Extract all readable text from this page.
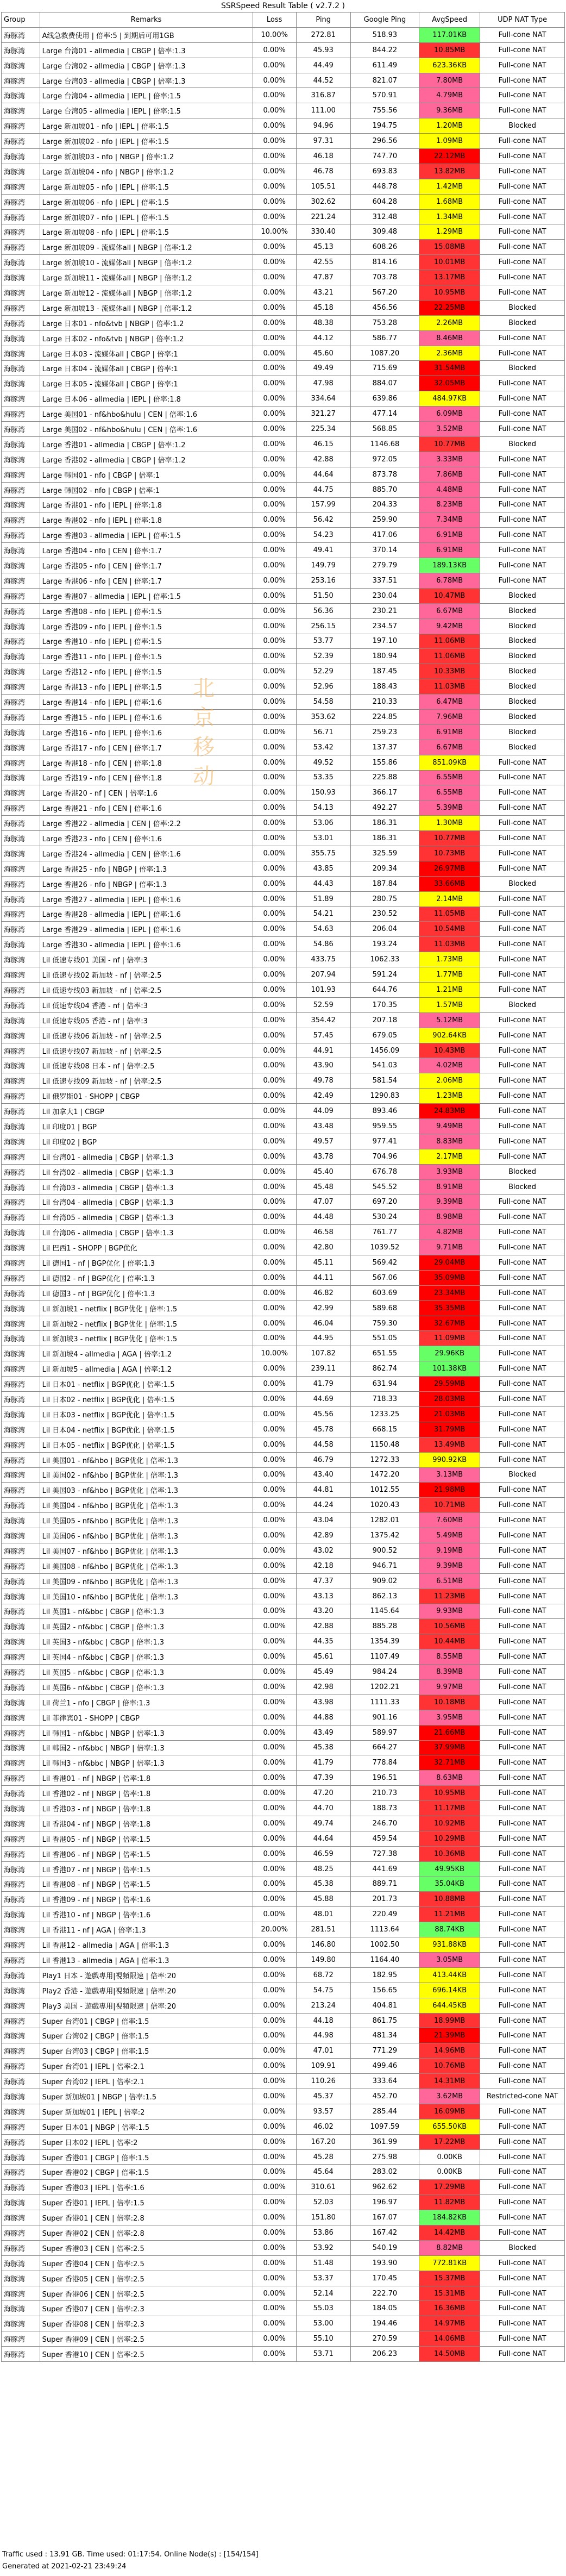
SSRSpeed Result Table ( v2.7.2 )
Group	Remarks	Loss	Ping	Google Ping	AvgSpeed	UDP NAT Type
海豚湾	A线急救费使用 | 倍率:5 | 到期后可用1GB	10.00%	272.81	518.93	117.01KB	Full-cone NAT
海豚湾	Large 台湾01 - allmedia | CBGP | 倍率:1.3	0.00%	45.93	844.22	10.85MB	Full-cone NAT
海豚湾	Large 台湾02 - allmedia | CBGP | 倍率:1.3	0.00%	44.49	611.49	623.36KB	Full-cone NAT
海豚湾	Large 台湾03 - allmedia | CBGP | 倍率:1.3	0.00%	44.52	821.07	7.80MB	Full-cone NAT
海豚湾	Large 台湾04 - allmedia | IEPL | 倍率:1.5	0.00%	316.87	570.91	4.79MB	Full-cone NAT
海豚湾	Large 台湾05 - allmedia | IEPL | 倍率:1.5	0.00%	111.00	755.56	9.36MB	Full-cone NAT
海豚湾	Large 新加坡01 - nfo | IEPL | 倍率:1.5	0.00%	94.96	194.75	1.20MB	Blocked
海豚湾	Large 新加坡02 - nfo | IEPL | 倍率:1.5	0.00%	97.31	296.56	1.09MB	Full-cone NAT
海豚湾	Large 新加坡03 - nfo | NBGP | 倍率:1.2	0.00%	46.18	747.70	22.12MB	Full-cone NAT
海豚湾	Large 新加坡04 - nfo | NBGP | 倍率:1.2	0.00%	46.78	693.83	13.82MB	Full-cone NAT
海豚湾	Large 新加坡05 - nfo | IEPL | 倍率:1.5	0.00%	105.51	448.78	1.42MB	Full-cone NAT
海豚湾	Large 新加坡06 - nfo | IEPL | 倍率:1.5	0.00%	302.62	604.28	1.68MB	Full-cone NAT
海豚湾	Large 新加坡07 - nfo | IEPL | 倍率:1.5	0.00%	221.24	312.48	1.34MB	Full-cone NAT
海豚湾	Large 新加坡08 - nfo | IEPL | 倍率:1.5	10.00%	330.40	309.48	1.29MB	Full-cone NAT
海豚湾	Large 新加坡09 - 流媒体all | NBGP | 倍率:1.2	0.00%	45.13	608.26	15.08MB	Full-cone NAT
海豚湾	Large 新加坡10 - 流媒体all | NBGP | 倍率:1.2	0.00%	42.55	814.16	10.01MB	Full-cone NAT
海豚湾	Large 新加坡11 - 流媒体all | NBGP | 倍率:1.2	0.00%	47.87	703.78	13.17MB	Full-cone NAT
海豚湾	Large 新加坡12 - 流媒体all | NBGP | 倍率:1.2	0.00%	43.21	567.20	10.95MB	Full-cone NAT
海豚湾	Large 新加坡13 - 流媒体all | NBGP | 倍率:1.2	0.00%	45.18	456.56	22.25MB	Blocked
海豚湾	Large 日本01 - nfo&tvb | NBGP | 倍率:1.2	0.00%	48.38	753.28	2.26MB	Blocked
海豚湾	Large 日本02 - nfo&tvb | NBGP | 倍率:1.2	0.00%	44.12	586.77	8.46MB	Full-cone NAT
海豚湾	Large 日本03 - 流媒体all | CBGP | 倍率:1	0.00%	45.60	1087.20	2.36MB	Full-cone NAT
海豚湾	Large 日本04 - 流媒体all | CBGP | 倍率:1	0.00%	49.49	715.69	31.54MB	Blocked
海豚湾	Large 日本05 - 流媒体all | CBGP | 倍率:1	0.00%	47.98	884.07	32.05MB	Full-cone NAT
海豚湾	Large 日本06 - allmedia | IEPL | 倍率:1.8	0.00%	334.64	639.86	484.97KB	Full-cone NAT
海豚湾	Large 美国01 - nf&hbo&hulu | CEN | 倍率:1.6	0.00%	321.27	477.14	6.09MB	Full-cone NAT
海豚湾	Large 美国02 - nf&hbo&hulu | CEN | 倍率:1.6	0.00%	225.34	568.85	3.52MB	Full-cone NAT
海豚湾	Large 香港01 - allmedia | CBGP | 倍率:1.2	0.00%	46.15	1146.68	10.77MB	Blocked
海豚湾	Large 香港02 - allmedia | CBGP | 倍率:1.2	0.00%	42.88	972.05	3.33MB	Full-cone NAT
海豚湾	Large 韩国01 - nfo | CBGP | 倍率:1	0.00%	44.64	873.78	7.86MB	Full-cone NAT
海豚湾	Large 韩国02 - nfo | CBGP | 倍率:1	0.00%	44.75	885.70	4.48MB	Full-cone NAT
海豚湾	Large 香港01 - nfo | IEPL | 倍率:1.8	0.00%	157.99	204.33	8.23MB	Full-cone NAT
海豚湾	Large 香港02 - nfo | IEPL | 倍率:1.8	0.00%	56.42	259.90	7.34MB	Full-cone NAT
海豚湾	Large 香港03 - allmedia | IEPL | 倍率:1.5	0.00%	54.23	417.06	6.91MB	Full-cone NAT
海豚湾	Large 香港04 - nfo | CEN | 倍率:1.7	0.00%	49.41	370.14	6.91MB	Full-cone NAT
海豚湾	Large 香港05 - nfo | CEN | 倍率:1.7	0.00%	149.79	279.79	189.13KB	Full-cone NAT
海豚湾	Large 香港06 - nfo | CEN | 倍率:1.7	0.00%	253.16	337.51	6.78MB	Full-cone NAT
海豚湾	Large 香港07 - allmedia | IEPL | 倍率:1.5	0.00%	51.50	230.04	10.47MB	Blocked
海豚湾	Large 香港08 - nfo | IEPL | 倍率:1.5	0.00%	56.36	230.21	6.67MB	Blocked
海豚湾	Large 香港09 - nfo | IEPL | 倍率:1.5	0.00%	256.15	234.57	9.42MB	Blocked
海豚湾	Large 香港10 - nfo | IEPL | 倍率:1.5	0.00%	53.77	197.10	11.06MB	Blocked
海豚湾	Large 香港11 - nfo | IEPL | 倍率:1.5	0.00%	52.39	180.94	11.06MB	Blocked
海豚湾	Large 香港12 - nfo | IEPL | 倍率:1.5	0.00%	52.29	187.45	10.33MB	Blocked
海豚湾	Large 香港13 - nfo | IEPL | 倍率:1.5	0.00%	52.96	188.43	11.03MB	Blocked
海豚湾	Large 香港14 - nfo | IEPL | 倍率:1.6	0.00%	54.58	210.33	6.47MB	Blocked
海豚湾	Large 香港15 - nfo | IEPL | 倍率:1.6	0.00%	353.62	224.85	7.96MB	Blocked
海豚湾	Large 香港16 - nfo | IEPL | 倍率:1.6	0.00%	56.71	259.23	6.91MB	Blocked
海豚湾	Large 香港17 - nfo | CEN | 倍率:1.7	0.00%	53.42	137.37	6.67MB	Blocked
海豚湾	Large 香港18 - nfo | CEN | 倍率:1.8	0.00%	49.52	155.86	851.09KB	Full-cone NAT
海豚湾	Large 香港19 - nfo | CEN | 倍率:1.8	0.00%	53.35	225.88	6.55MB	Full-cone NAT
海豚湾	Large 香港20 - nf | CEN | 倍率:1.6	0.00%	150.93	366.17	6.55MB	Full-cone NAT
海豚湾	Large 香港21 - nfo | CEN | 倍率:1.6	0.00%	54.13	492.27	5.39MB	Full-cone NAT
海豚湾	Large 香港22 - allmedia | CEN | 倍率:2.2	0.00%	53.06	186.31	1.30MB	Full-cone NAT
海豚湾	Large 香港23 - nfo | CEN | 倍率:1.6	0.00%	53.01	186.31	10.77MB	Full-cone NAT
海豚湾	Large 香港24 - allmedia | CEN | 倍率:1.6	0.00%	355.75	325.59	10.73MB	Full-cone NAT
海豚湾	Large 香港25 - nfo | NBGP | 倍率:1.3	0.00%	43.85	209.34	26.97MB	Full-cone NAT
海豚湾	Large 香港26 - nfo | NBGP | 倍率:1.3	0.00%	44.43	187.84	33.66MB	Blocked
海豚湾	Large 香港27 - allmedia | IEPL | 倍率:1.6	0.00%	51.89	280.75	2.14MB	Full-cone NAT
海豚湾	Large 香港28 - allmedia | IEPL | 倍率:1.6	0.00%	54.21	230.52	11.05MB	Full-cone NAT
海豚湾	Large 香港29 - allmedia | IEPL | 倍率:1.6	0.00%	54.63	206.04	10.54MB	Full-cone NAT
海豚湾	Large 香港30 - allmedia | IEPL | 倍率:1.6	0.00%	54.86	193.24	11.03MB	Full-cone NAT
海豚湾	Lil 低速专线01 美国 - nf | 倍率:3	0.00%	433.75	1062.33	1.73MB	Full-cone NAT
海豚湾	Lil 低速专线02 新加坡 - nf | 倍率:2.5	0.00%	207.94	591.24	1.77MB	Full-cone NAT
海豚湾	Lil 低速专线03 新加坡 - nf | 倍率:2.5	0.00%	101.93	644.76	1.21MB	Full-cone NAT
海豚湾	Lil 低速专线04 香港 - nf | 倍率:3	0.00%	52.59	170.35	1.57MB	Blocked
海豚湾	Lil 低速专线05 香港 - nf | 倍率:3	0.00%	354.42	207.18	5.12MB	Full-cone NAT
海豚湾	Lil 低速专线06 新加坡 - nf | 倍率:2.5	0.00%	57.45	679.05	902.64KB	Full-cone NAT
海豚湾	Lil 低速专线07 新加坡 - nf | 倍率:2.5	0.00%	44.91	1456.09	10.43MB	Full-cone NAT
海豚湾	Lil 低速专线08 日本 - nf | 倍率:2.5	0.00%	43.90	541.03	4.02MB	Full-cone NAT
海豚湾	Lil 低速专线09 新加坡 - nf | 倍率:2.5	0.00%	49.78	581.54	2.06MB	Full-cone NAT
海豚湾	Lil 俄罗斯01 - SHOPP | CBGP	0.00%	42.49	1290.83	1.23MB	Full-cone NAT
海豚湾	Lil 加拿大1 | CBGP	0.00%	44.09	893.46	24.83MB	Full-cone NAT
海豚湾	Lil 印度01 | BGP	0.00%	43.48	959.55	9.49MB	Full-cone NAT
海豚湾	Lil 印度02 | BGP	0.00%	49.57	977.41	8.83MB	Full-cone NAT
海豚湾	Lil 台湾01 - allmedia | CBGP | 倍率:1.3	0.00%	43.78	704.96	2.17MB	Full-cone NAT
海豚湾	Lil 台湾02 - allmedia | CBGP | 倍率:1.3	0.00%	45.40	676.78	3.93MB	Blocked
海豚湾	Lil 台湾03 - allmedia | CBGP | 倍率:1.3	0.00%	45.48	545.52	8.91MB	Blocked
海豚湾	Lil 台湾04 - allmedia | CBGP | 倍率:1.3	0.00%	47.07	697.20	9.39MB	Full-cone NAT
海豚湾	Lil 台湾05 - allmedia | CBGP | 倍率:1.3	0.00%	44.48	530.24	8.98MB	Full-cone NAT
海豚湾	Lil 台湾06 - allmedia | CBGP | 倍率:1.3	0.00%	46.58	761.77	4.82MB	Full-cone NAT
海豚湾	Lil 巴西1 - SHOPP | BGP优化	0.00%	42.80	1039.52	9.71MB	Full-cone NAT
海豚湾	Lil 德国1 - nf | BGP优化 | 倍率:1.3	0.00%	45.11	569.42	29.04MB	Full-cone NAT
海豚湾	Lil 德国2 - nf | BGP优化 | 倍率:1.3	0.00%	44.11	567.06	35.09MB	Full-cone NAT
海豚湾	Lil 德国3 - nf | BGP优化 | 倍率:1.3	0.00%	46.82	603.69	23.34MB	Full-cone NAT
海豚湾	Lil 新加坡1 - netflix | BGP优化 | 倍率:1.5	0.00%	42.99	589.68	35.35MB	Full-cone NAT
海豚湾	Lil 新加坡2 - netflix | BGP优化 | 倍率:1.5	0.00%	46.04	759.30	32.67MB	Full-cone NAT
海豚湾	Lil 新加坡3 - netflix | BGP优化 | 倍率:1.5	0.00%	44.95	551.05	11.09MB	Full-cone NAT
海豚湾	Lil 新加坡4 - allmedia | AGA | 倍率:1.2	10.00%	107.82	651.55	29.96KB	Full-cone NAT
海豚湾	Lil 新加坡5 - allmedia | AGA | 倍率:1.2	0.00%	239.11	862.74	101.38KB	Full-cone NAT
海豚湾	Lil 日本01 - netflix | BGP优化 | 倍率:1.5	0.00%	41.79	631.94	29.59MB	Full-cone NAT
海豚湾	Lil 日本02 - netflix | BGP优化 | 倍率:1.5	0.00%	44.69	718.33	28.03MB	Full-cone NAT
海豚湾	Lil 日本03 - netflix | BGP优化 | 倍率:1.5	0.00%	45.56	1233.25	21.03MB	Full-cone NAT
海豚湾	Lil 日本04 - netflix | BGP优化 | 倍率:1.5	0.00%	45.78	668.15	31.79MB	Full-cone NAT
海豚湾	Lil 日本05 - netflix | BGP优化 | 倍率:1.5	0.00%	44.58	1150.48	13.49MB	Full-cone NAT
海豚湾	Lil 美国01 - nf&hbo | BGP优化 | 倍率:1.3	0.00%	46.79	1272.33	990.92KB	Full-cone NAT
海豚湾	Lil 美国02 - nf&hbo | BGP优化 | 倍率:1.3	0.00%	43.40	1472.20	3.13MB	Blocked
海豚湾	Lil 美国03 - nf&hbo | BGP优化 | 倍率:1.3	0.00%	44.81	1012.55	21.98MB	Full-cone NAT
海豚湾	Lil 美国04 - nf&hbo | BGP优化 | 倍率:1.3	0.00%	44.24	1020.43	10.71MB	Full-cone NAT
海豚湾	Lil 美国05 - nf&hbo | BGP优化 | 倍率:1.3	0.00%	43.04	1282.01	7.60MB	Full-cone NAT
海豚湾	Lil 美国06 - nf&hbo | BGP优化 | 倍率:1.3	0.00%	42.89	1375.42	5.49MB	Full-cone NAT
海豚湾	Lil 美国07 - nf&hbo | BGP优化 | 倍率:1.3	0.00%	43.02	900.52	9.19MB	Full-cone NAT
海豚湾	Lil 美国08 - nf&hbo | BGP优化 | 倍率:1.3	0.00%	42.18	946.71	9.39MB	Full-cone NAT
海豚湾	Lil 美国09 - nf&hbo | BGP优化 | 倍率:1.3	0.00%	47.37	909.02	6.51MB	Full-cone NAT
海豚湾	Lil 美国10 - nf&hbo | BGP优化 | 倍率:1.3	0.00%	43.13	862.13	11.23MB	Full-cone NAT
海豚湾	Lil 英国1 - nf&bbc | CBGP | 倍率:1.3	0.00%	43.20	1145.64	9.93MB	Full-cone NAT
海豚湾	Lil 英国2 - nf&bbc | CBGP | 倍率:1.3	0.00%	42.88	885.28	10.56MB	Full-cone NAT
海豚湾	Lil 英国3 - nf&bbc | CBGP | 倍率:1.3	0.00%	44.35	1354.39	10.44MB	Full-cone NAT
海豚湾	Lil 英国4 - nf&bbc | CBGP | 倍率:1.3	0.00%	45.61	1107.49	8.55MB	Full-cone NAT
海豚湾	Lil 英国5 - nf&bbc | CBGP | 倍率:1.3	0.00%	45.49	984.24	8.39MB	Full-cone NAT
海豚湾	Lil 英国6 - nf&bbc | CBGP | 倍率:1.3	0.00%	42.98	1202.21	9.97MB	Full-cone NAT
海豚湾	Lil 荷兰1 - nfo | CBGP | 倍率:1.3	0.00%	43.98	1111.33	10.18MB	Full-cone NAT
海豚湾	Lil 菲律宾01 - SHOPP | CBGP	0.00%	44.88	901.16	3.95MB	Full-cone NAT
海豚湾	Lil 韩国1 - nf&bbc | NBGP | 倍率:1.3	0.00%	43.49	589.97	21.66MB	Full-cone NAT
海豚湾	Lil 韩国2 - nf&bbc | NBGP | 倍率:1.3	0.00%	45.38	664.27	37.99MB	Full-cone NAT
海豚湾	Lil 韩国3 - nf&bbc | NBGP | 倍率:1.3	0.00%	41.79	778.84	32.71MB	Full-cone NAT
海豚湾	Lil 香港01 - nf | NBGP | 倍率:1.8	0.00%	47.39	196.51	8.63MB	Full-cone NAT
海豚湾	Lil 香港02 - nf | NBGP | 倍率:1.8	0.00%	47.20	210.73	10.95MB	Full-cone NAT
海豚湾	Lil 香港03 - nf | NBGP | 倍率:1.8	0.00%	44.70	188.73	11.17MB	Full-cone NAT
海豚湾	Lil 香港04 - nf | NBGP | 倍率:1.8	0.00%	49.74	246.70	10.92MB	Full-cone NAT
海豚湾	Lil 香港05 - nf | NBGP | 倍率:1.5	0.00%	44.64	459.54	10.29MB	Full-cone NAT
海豚湾	Lil 香港06 - nf | NBGP | 倍率:1.5	0.00%	46.59	727.38	10.36MB	Full-cone NAT
海豚湾	Lil 香港07 - nf | NBGP | 倍率:1.5	0.00%	48.25	441.69	49.95KB	Full-cone NAT
海豚湾	Lil 香港08 - nf | NBGP | 倍率:1.5	0.00%	45.38	889.71	35.04KB	Full-cone NAT
海豚湾	Lil 香港09 - nf | NBGP | 倍率:1.6	0.00%	45.88	201.73	10.88MB	Full-cone NAT
海豚湾	Lil 香港10 - nf | NBGP | 倍率:1.6	0.00%	48.01	220.49	11.21MB	Full-cone NAT
海豚湾	Lil 香港11 - nf | AGA | 倍率:1.3	20.00%	281.51	1113.64	88.74KB	Full-cone NAT
海豚湾	Lil 香港12 - allmedia | AGA | 倍率:1.3	0.00%	146.80	1002.50	931.88KB	Full-cone NAT
海豚湾	Lil 香港13 - allmedia | AGA | 倍率:1.3	0.00%	149.80	1164.40	3.05MB	Full-cone NAT
海豚湾	Play1 日本 - 遊戲專用|視頻限速 | 倍率:20	0.00%	68.72	182.95	413.44KB	Full-cone NAT
海豚湾	Play2 香港 - 遊戲專用|視頻限速 | 倍率:20	0.00%	54.75	156.65	696.14KB	Full-cone NAT
海豚湾	Play3 美国 - 遊戲專用|視頻限速 | 倍率:20	0.00%	213.24	404.81	644.45KB	Full-cone NAT
海豚湾	Super 台湾01 | CBGP | 倍率:1.5	0.00%	44.18	861.75	18.99MB	Full-cone NAT
海豚湾	Super 台湾02 | CBGP | 倍率:1.5	0.00%	44.98	481.34	21.39MB	Full-cone NAT
海豚湾	Super 台湾03 | CBGP | 倍率:1.5	0.00%	47.01	771.29	14.96MB	Full-cone NAT
海豚湾	Super 台湾01 | IEPL | 倍率:2.1	0.00%	109.91	499.46	10.76MB	Full-cone NAT
海豚湾	Super 台湾02 | IEPL | 倍率:2.1	0.00%	110.26	333.64	14.31MB	Full-cone NAT
海豚湾	Super 新加坡01 | NBGP | 倍率:1.5	0.00%	45.37	452.70	3.62MB	Restricted-cone NAT
海豚湾	Super 新加坡01 | IEPL | 倍率:2	0.00%	93.57	285.44	16.09MB	Full-cone NAT
海豚湾	Super 日本01 | NBGP | 倍率:1.5	0.00%	46.02	1097.59	655.50KB	Full-cone NAT
海豚湾	Super 日本02 | IEPL | 倍率:2	0.00%	167.20	361.99	17.22MB	Full-cone NAT
海豚湾	Super 香港01 | CBGP | 倍率:1.5	0.00%	45.28	275.98	0.00KB	Full-cone NAT
海豚湾	Super 香港02 | CBGP | 倍率:1.5	0.00%	45.64	283.02	0.00KB	Full-cone NAT
海豚湾	Super 香港03 | IEPL | 倍率:1.6	0.00%	310.61	962.62	17.29MB	Full-cone NAT
海豚湾	Super 香港01 | IEPL | 倍率:1.5	0.00%	52.03	196.97	11.82MB	Full-cone NAT
海豚湾	Super 香港01 | CEN | 倍率:2.8	0.00%	151.80	167.07	184.82KB	Full-cone NAT
海豚湾	Super 香港02 | CEN | 倍率:2.8	0.00%	53.86	167.42	14.42MB	Full-cone NAT
海豚湾	Super 香港03 | CEN | 倍率:2.5	0.00%	53.92	540.19	8.82MB	Blocked
海豚湾	Super 香港04 | CEN | 倍率:2.5	0.00%	51.48	193.90	772.81KB	Full-cone NAT
海豚湾	Super 香港05 | CEN | 倍率:2.5	0.00%	53.37	170.45	15.37MB	Full-cone NAT
海豚湾	Super 香港06 | CEN | 倍率:2.5	0.00%	52.14	222.70	15.31MB	Full-cone NAT
海豚湾	Super 香港07 | CEN | 倍率:2.3	0.00%	55.03	184.05	16.36MB	Full-cone NAT
海豚湾	Super 香港08 | CEN | 倍率:2.3	0.00%	53.00	194.46	14.97MB	Full-cone NAT
海豚湾	Super 香港09 | CEN | 倍率:2.5	0.00%	55.10	270.59	14.06MB	Full-cone NAT
海豚湾	Super 香港10 | CEN | 倍率:2.5	0.00%	53.71	206.23	14.50MB	Full-cone NAT
北京移动
Traffic used : 13.91 GB. Time used: 01:17:54. Online Node(s) : [154/154]
Generated at 2021-02-21 23:49:24
